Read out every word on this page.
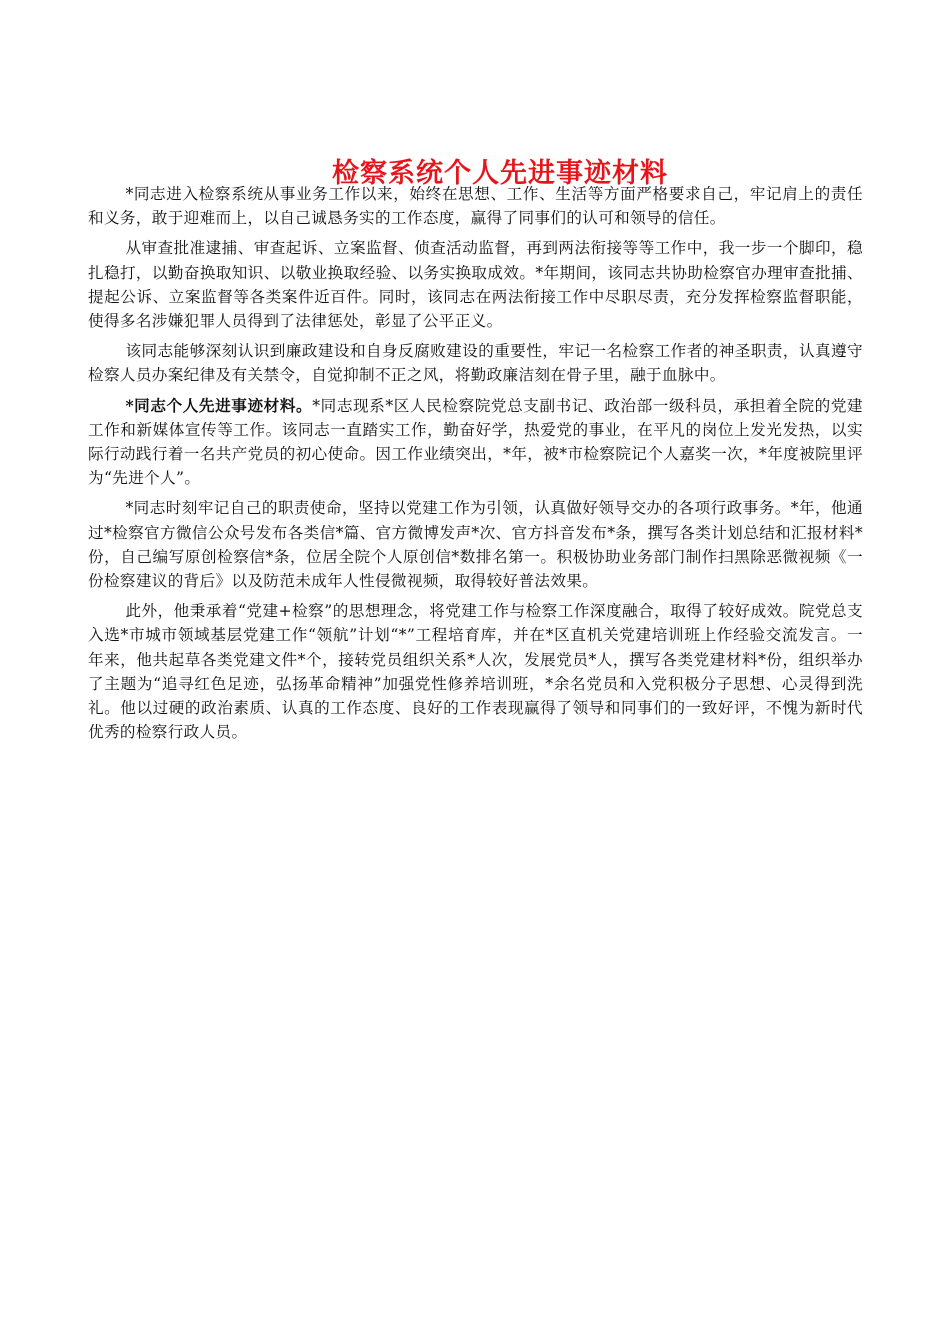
检察系统个人先进事迹材料

*同志进入检察系统从事业务工作以来，始终在思想、工作、生活等方面严格要求自己，牢记肩上的责任和义务，敢于迎难而上，以自己诚恳务实的工作态度，赢得了同事们的认可和领导的信任。

从审查批准逮捕、审查起诉、立案监督、侦查活动监督，再到两法衔接等等工作中，我一步一个脚印，稳扎稳打，以勤奋换取知识、以敬业换取经验、以务实换取成效。*年期间，该同志共协助检察官办理审查批捕、提起公诉、立案监督等各类案件近百件。同时，该同志在两法衔接工作中尽职尽责，充分发挥检察监督职能，使得多名涉嫌犯罪人员得到了法律惩处，彰显了公平正义。

该同志能够深刻认识到廉政建设和自身反腐败建设的重要性，牢记一名检察工作者的神圣职责，认真遵守检察人员办案纪律及有关禁令，自觉抑制不正之风，将勤政廉洁刻在骨子里，融于血脉中。

*同志个人先进事迹材料。*同志现系*区人民检察院党总支副书记、政治部一级科员，承担着全院的党建工作和新媒体宣传等工作。该同志一直踏实工作，勤奋好学，热爱党的事业，在平凡的岗位上发光发热，以实际行动践行着一名共产党员的初心使命。因工作业绩突出，*年，被*市检察院记个人嘉奖一次，*年度被院里评为“先进个人”。

*同志时刻牢记自己的职责使命，坚持以党建工作为引领，认真做好领导交办的各项行政事务。*年，他通过*检察官方微信公众号发布各类信*篇、官方微博发声*次、官方抖音发布*条，撰写各类计划总结和汇报材料*份，自己编写原创检察信*条，位居全院个人原创信*数排名第一。积极协助业务部门制作扫黑除恶微视频《一份检察建议的背后》以及防范未成年人性侵微视频，取得较好普法效果。

此外，他秉承着“党建+检察”的思想理念，将党建工作与检察工作深度融合，取得了较好成效。院党总支入选*市城市领域基层党建工作“领航”计划“*”工程培育库，并在*区直机关党建培训班上作经验交流发言。一年来，他共起草各类党建文件*个，接转党员组织关系*人次，发展党员*人，撰写各类党建材料*份，组织举办了主题为“追寻红色足迹，弘扬革命精神”加强党性修养培训班，*余名党员和入党积极分子思想、心灵得到洗礼。他以过硬的政治素质、认真的工作态度、良好的工作表现赢得了领导和同事们的一致好评，不愧为新时代优秀的检察行政人员。
